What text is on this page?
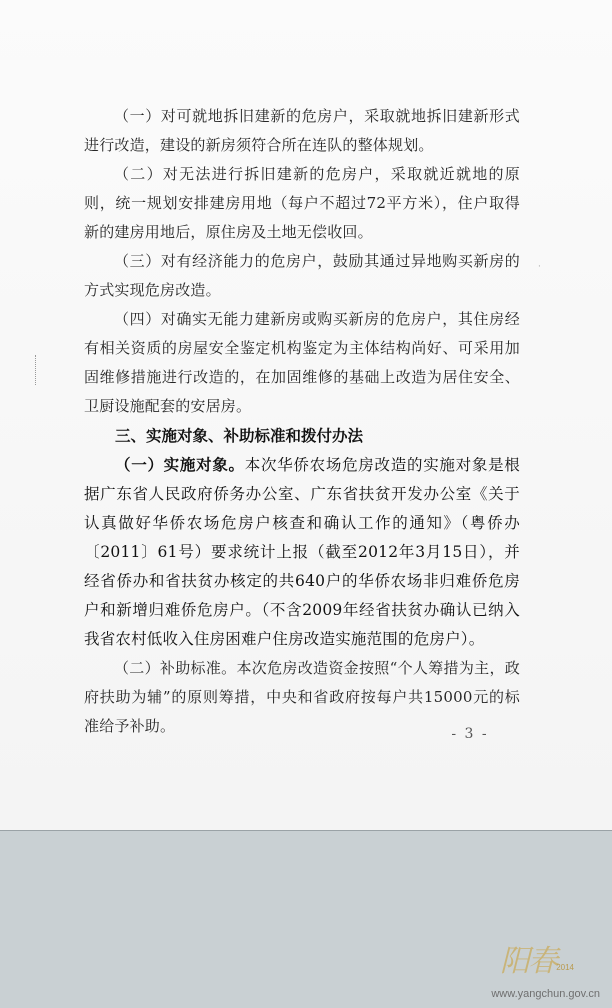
·

（一）对可就地拆旧建新的危房户，采取就地拆旧建新形式进行改造，建设的新房须符合所在连队的整体规划。

（二）对无法进行拆旧建新的危房户，采取就近就地的原则，统一规划安排建房用地（每户不超过72平方米），住户取得新的建房用地后，原住房及土地无偿收回。

（三）对有经济能力的危房户，鼓励其通过异地购买新房的方式实现危房改造。

（四）对确实无能力建新房或购买新房的危房户，其住房经有相关资质的房屋安全鉴定机构鉴定为主体结构尚好、可采用加固维修措施进行改造的，在加固维修的基础上改造为居住安全、卫厨设施配套的安居房。

三、实施对象、补助标准和拨付办法

（一）实施对象。本次华侨农场危房改造的实施对象是根据广东省人民政府侨务办公室、广东省扶贫开发办公室《关于认真做好华侨农场危房户核查和确认工作的通知》（粤侨办〔2011〕61号）要求统计上报（截至2012年3月15日），并经省侨办和省扶贫办核定的共640户的华侨农场非归难侨危房户和新增归难侨危房户。（不含2009年经省扶贫办确认已纳入我省农村低收入住房困难户住房改造实施范围的危房户）。

（二）补助标准。本次危房改造资金按照“个人筹措为主，政府扶助为辅”的原则筹措，中央和省政府按每户共15000元的标准给予补助。	- 3 -
阳春 2014
www.yangchun.gov.cn
